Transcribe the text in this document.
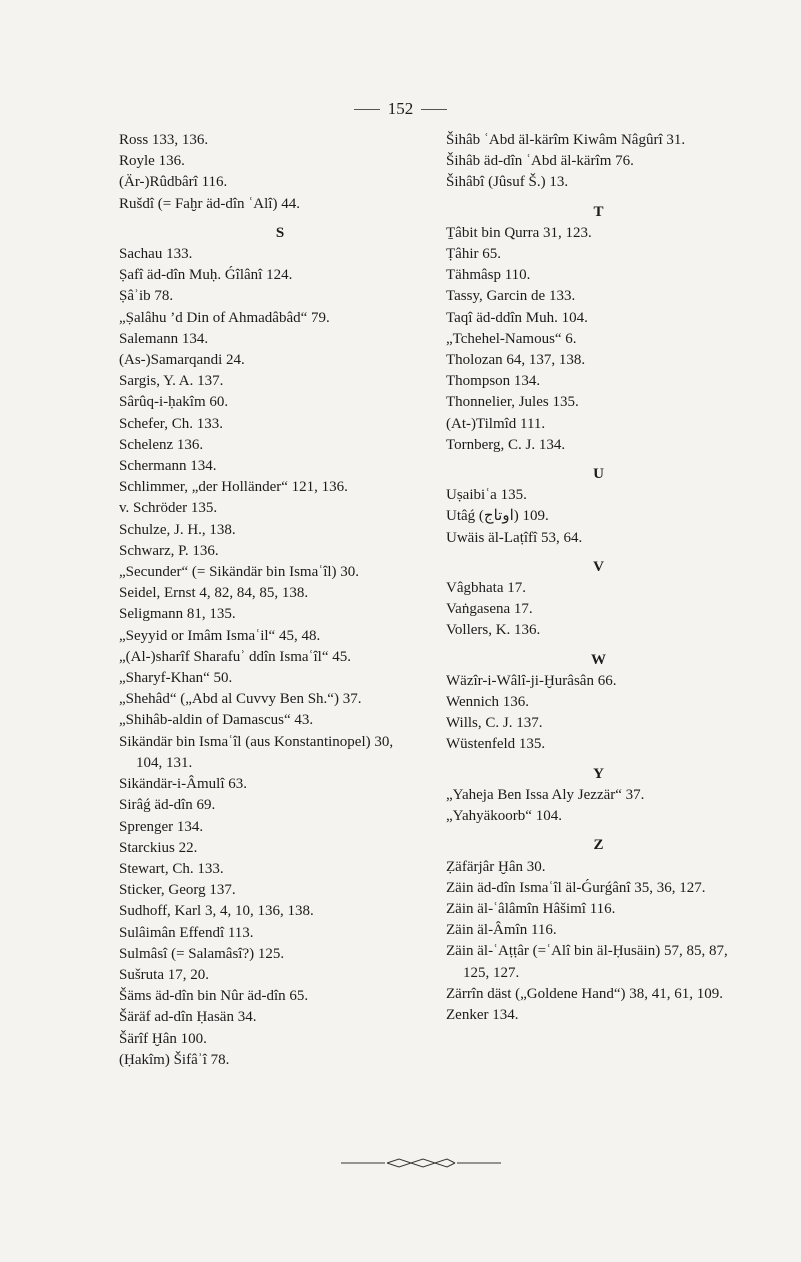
152
Ross 133, 136.
Royle 136.
(Är-)Rûdbârî 116.
Rušdî (= Faḫr äd-dîn ʿAlî) 44.
S
Sachau 133.
Ṣafî äd-dîn Muḥ. Ǵîlânî 124.
Ṣâʾib 78.
„Ṣalâhu ’d Din of Ahmadâbâd“ 79.
Salemann 134.
(As-)Samarqandi 24.
Sargis, Y. A. 137.
Sârûq-i-ḥakîm 60.
Schefer, Ch. 133.
Schelenz 136.
Schermann 134.
Schlimmer, „der Holländer“ 121, 136.
v. Schröder 135.
Schulze, J. H., 138.
Schwarz, P. 136.
„Secunder“ (= Sikändär bin Ismaʿîl) 30.
Seidel, Ernst 4, 82, 84, 85, 138.
Seligmann 81, 135.
„Seyyid or Imâm Ismaʿil“ 45, 48.
„(Al-)sharîf Sharafuʾ ddîn Ismaʿîl“ 45.
„Sharyf-Khan“ 50.
„Shehâd“ („Abd al Cuvvy Ben Sh.“) 37.
„Shihâb-aldin of Damascus“ 43.
Sikändär bin Ismaʿîl (aus Konstantinopel) 30,
104, 131.
Sikändär-i-Âmulî 63.
Sirâǵ äd-dîn 69.
Sprenger 134.
Starckius 22.
Stewart, Ch. 133.
Sticker, Georg 137.
Sudhoff, Karl 3, 4, 10, 136, 138.
Sulâimân Effendî 113.
Sulmâsî (= Salamâsî?) 125.
Sušruta 17, 20.
Šäms äd-dîn bin Nûr äd-dîn 65.
Šäräf ad-dîn Ḥasän 34.
Šärîf Ḫân 100.
(Ḥakîm) Šifâʾî 78.
Šihâb ʿAbd äl-kärîm Kiwâm Nâgûrî 31.
Šihâb äd-dîn ʿAbd äl-kärîm 76.
Šihâbî (Jûsuf Š.) 13.
T
Ṯâbit bin Qurra 31, 123.
Ṭâhir 65.
Tähmâsp 110.
Tassy, Garcin de 133.
Taqî äd-ddîn Muh. 104.
„Tchehel-Namous“ 6.
Tholozan 64, 137, 138.
Thompson 134.
Thonnelier, Jules 135.
(At-)Tilmîd 111.
Tornberg, C. J. 134.
U
Uṣaibiʿa 135.
Utâǵ (اوتاج) 109.
Uwäis äl-Laṭîfî 53, 64.
V
Vâgbhata 17.
Vaṅgasena 17.
Vollers, K. 136.
W
Wäzîr-i-Wâlî-ji-Ḫurâsân 66.
Wennich 136.
Wills, C. J. 137.
Wüstenfeld 135.
Y
„Yaheja Ben Issa Aly Jezzär“ 37.
„Yahyäkoorb“ 104.
Z
Ẓäfärjâr Ḫân 30.
Zäin äd-dîn Ismaʿîl äl-Ǵurǵânî 35, 36, 127.
Zäin äl-ʿâlâmîn Hâšimî 116.
Zäin äl-Âmîn 116.
Zäin äl-ʿAṭṭâr (=ʿAlî bin äl-Ḥusäin) 57, 85, 87,
125, 127.
Zärrîn däst („Goldene Hand“) 38, 41, 61, 109.
Zenker 134.
